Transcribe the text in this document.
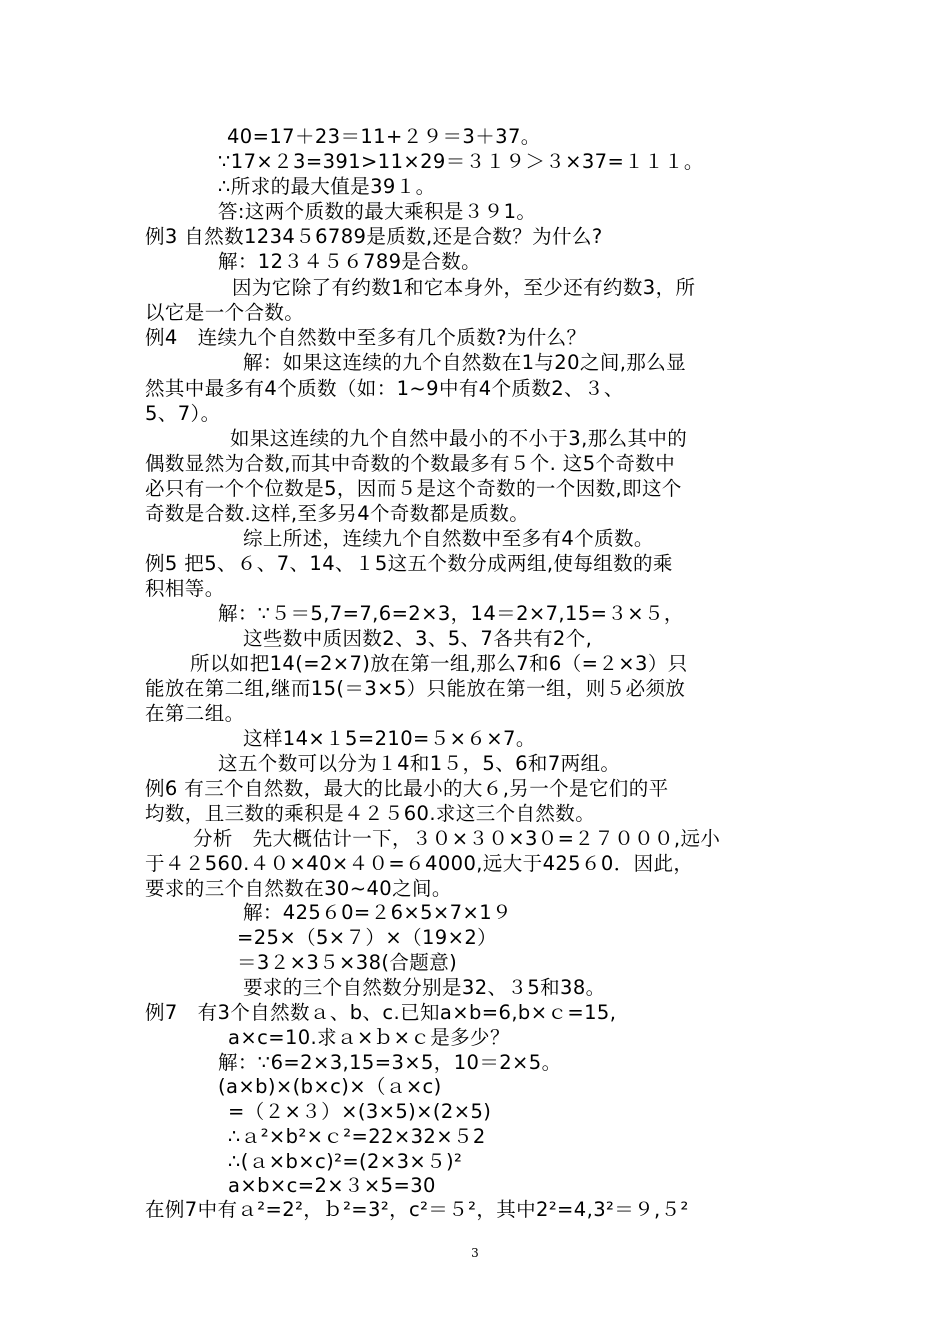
40=17＋23＝11+２９＝3＋37。
∵17×２3=391>11×29＝３１９＞３×37=１１１。
∴所求的最大值是39１。
答:这两个质数的最大乘积是３９1。
例3 自然数1234５6789是质数,还是合数？为什么?
解：12３４５６789是合数。
因为它除了有约数1和它本身外，至少还有约数3，所
以它是一个合数。
例4　连续九个自然数中至多有几个质数?为什么？
解：如果这连续的九个自然数在1与20之间,那么显
然其中最多有4个质数（如：1~9中有4个质数2、３、
5、7）。
如果这连续的九个自然中最小的不小于3,那么其中的
偶数显然为合数,而其中奇数的个数最多有５个. 这5个奇数中
必只有一个个位数是5，因而５是这个奇数的一个因数,即这个
奇数是合数.这样,至多另4个奇数都是质数。
综上所述，连续九个自然数中至多有4个质数。
例5 把5、６、7、14、１5这五个数分成两组,使每组数的乘
积相等。
解：∵５＝5,7=7,6=2×3，14＝2×7,15=３×５，
这些数中质因数2、3、5、7各共有2个,
所以如把14(=2×7)放在第一组,那么7和6（=２×3）只
能放在第二组,继而15(＝3×5）只能放在第一组，则５必须放
在第二组。
这样14×１5=210=５×６×7。
这五个数可以分为１4和1５，5、6和7两组。
例6 有三个自然数，最大的比最小的大６,另一个是它们的平
均数，且三数的乘积是４２５60.求这三个自然数。
分析　先大概估计一下，３０×３０×3０=２７０００,远小
于４２560.４０×40×４０=６4000,远大于425６0．因此，
要求的三个自然数在30~40之间。
解：425６0=２6×5×7×1９
=25×（5×７）×（19×2）
＝3２×3５×38(合题意)
要求的三个自然数分别是32、３5和38。
例7　有3个自然数ａ、b、c.已知a×b=6,b×ｃ=15,
a×c=10.求ａ×ｂ×ｃ是多少？
解：∵6=2×3,15=3×5，10＝2×5。
(a×b)×(b×c)×（ａ×c)
=（２×３）×(3×5)×(2×5)
∴ａ²×b²×ｃ²=22×32×５2
∴(ａ×b×c)²=(2×3×５)²
a×b×c=2×３×5=30
在例7中有ａ²=2²，ｂ²=3²，c²＝５²，其中2²=4,3²＝９,５²
3
